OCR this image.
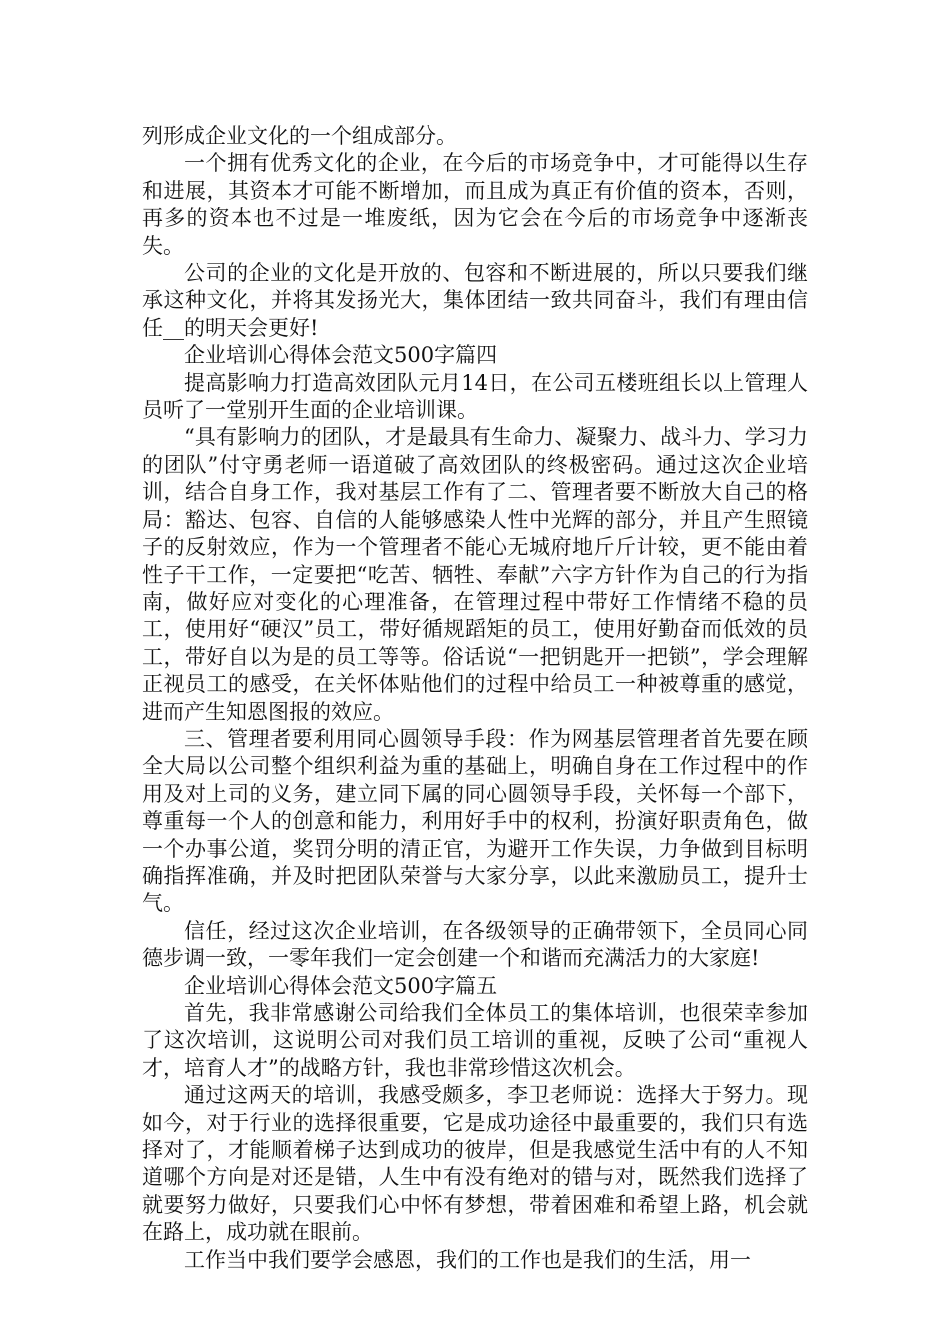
列形成企业文化的一个组成部分。

一个拥有优秀文化的企业，在今后的市场竞争中，才可能得以生存和进展，其资本才可能不断增加，而且成为真正有价值的资本，否则，再多的资本也不过是一堆废纸，因为它会在今后的市场竞争中逐渐丧失。

公司的企业的文化是开放的、包容和不断进展的，所以只要我们继承这种文化，并将其发扬光大，集体团结一致共同奋斗，我们有理由信任__的明天会更好!

企业培训心得体会范文500字篇四

提高影响力打造高效团队元月14日，在公司五楼班组长以上管理人员听了一堂别开生面的企业培训课。

“具有影响力的团队，才是最具有生命力、凝聚力、战斗力、学习力的团队”付守勇老师一语道破了高效团队的终极密码。通过这次企业培训，结合自身工作，我对基层工作有了二、管理者要不断放大自己的格局：豁达、包容、自信的人能够感染人性中光辉的部分，并且产生照镜子的反射效应，作为一个管理者不能心无城府地斤斤计较，更不能由着性子干工作，一定要把“吃苦、牺牲、奉献”六字方针作为自己的行为指南，做好应对变化的心理准备，在管理过程中带好工作情绪不稳的员工，使用好“硬汉”员工，带好循规蹈矩的员工，使用好勤奋而低效的员工，带好自以为是的员工等等。俗话说“一把钥匙开一把锁”，学会理解正视员工的感受，在关怀体贴他们的过程中给员工一种被尊重的感觉，进而产生知恩图报的效应。

三、管理者要利用同心圆领导手段：作为网基层管理者首先要在顾全大局以公司整个组织利益为重的基础上，明确自身在工作过程中的作用及对上司的义务，建立同下属的同心圆领导手段，关怀每一个部下，尊重每一个人的创意和能力，利用好手中的权利，扮演好职责角色，做一个办事公道，奖罚分明的清正官，为避开工作失误，力争做到目标明确指挥准确，并及时把团队荣誉与大家分享，以此来激励员工，提升士气。

信任，经过这次企业培训，在各级领导的正确带领下，全员同心同德步调一致，一零年我们一定会创建一个和谐而充满活力的大家庭!

企业培训心得体会范文500字篇五

首先，我非常感谢公司给我们全体员工的集体培训，也很荣幸参加了这次培训，这说明公司对我们员工培训的重视，反映了公司“重视人才，培育人才”的战略方针，我也非常珍惜这次机会。

通过这两天的培训，我感受颇多，李卫老师说：选择大于努力。现如今，对于行业的选择很重要，它是成功途径中最重要的，我们只有选择对了，才能顺着梯子达到成功的彼岸，但是我感觉生活中有的人不知道哪个方向是对还是错，人生中有没有绝对的错与对，既然我们选择了就要努力做好，只要我们心中怀有梦想，带着困难和希望上路，机会就在路上，成功就在眼前。

工作当中我们要学会感恩，我们的工作也是我们的生活，用一
